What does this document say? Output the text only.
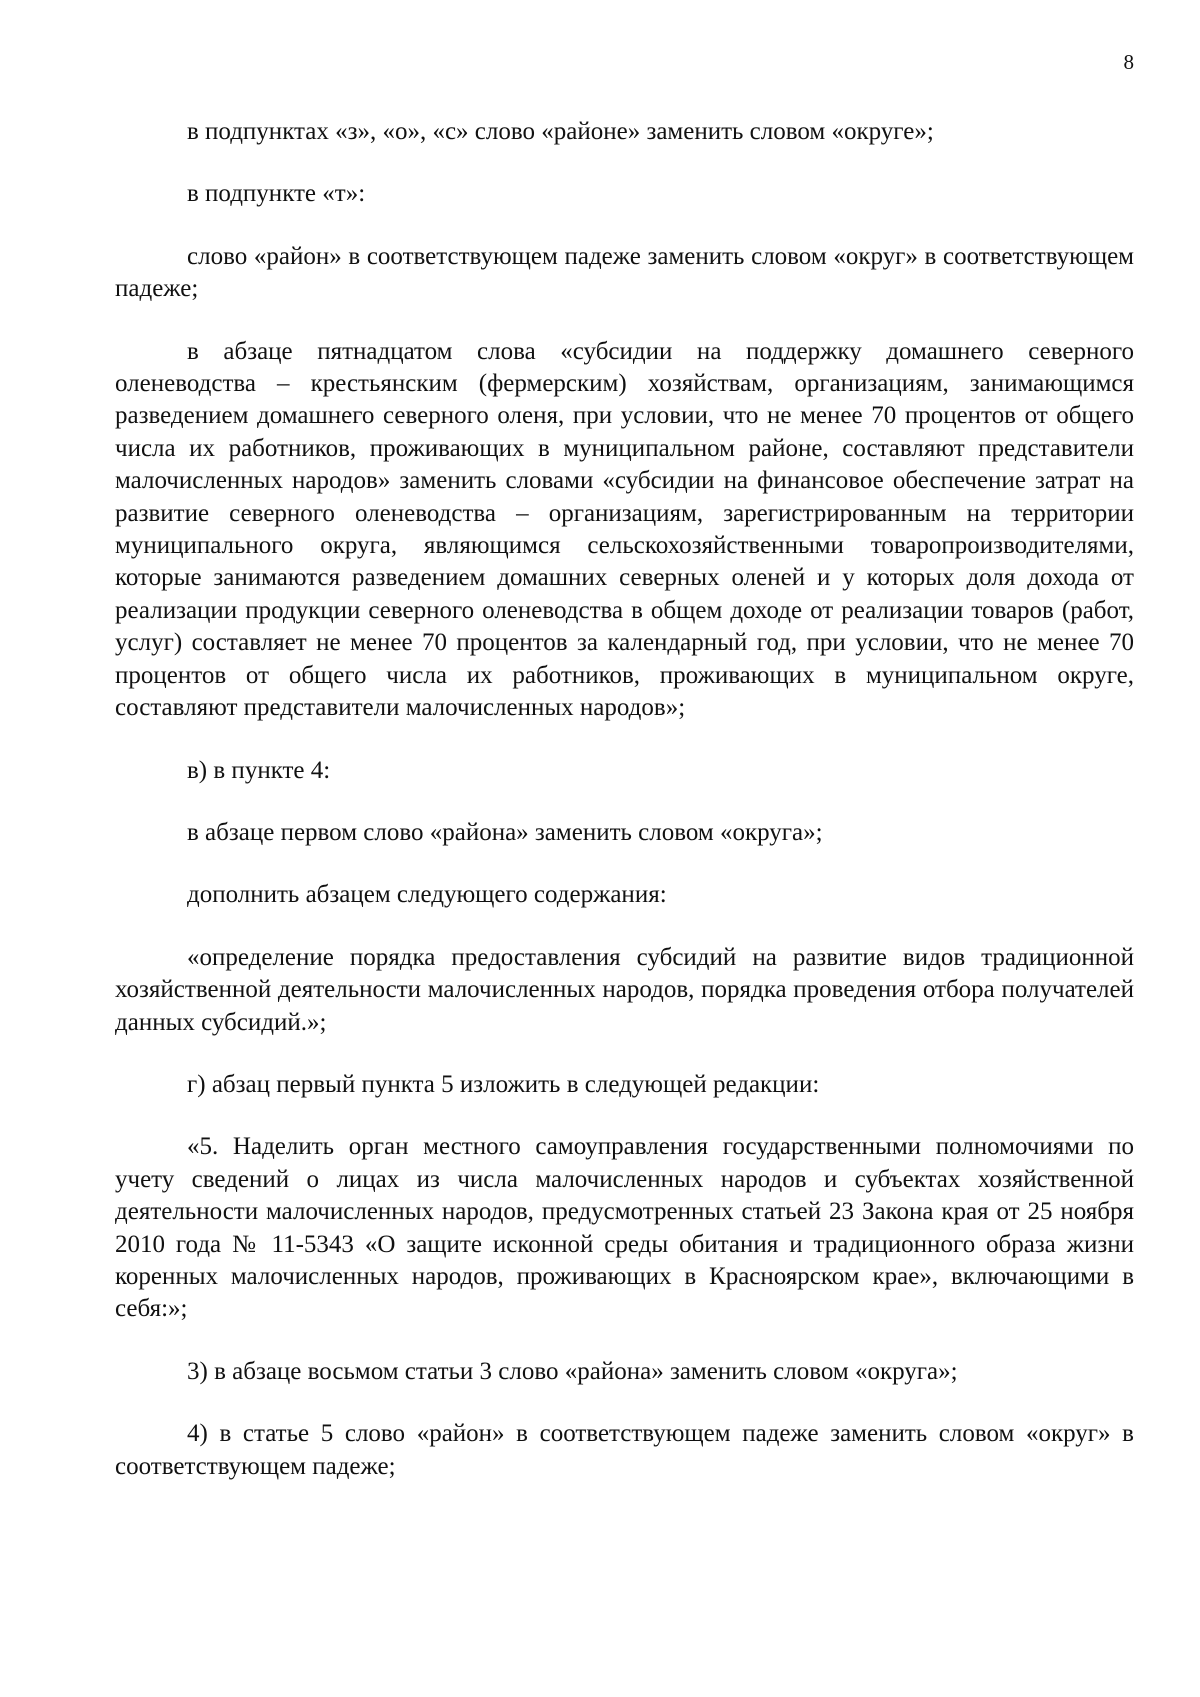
8

в подпунктах «з», «о», «с» слово «районе» заменить словом «округе»;

в подпункте «т»:

слово «район» в соответствующем падеже заменить словом «округ» в соответствующем падеже;

в абзаце пятнадцатом слова «субсидии на поддержку домашнего северного оленеводства – крестьянским (фермерским) хозяйствам, организациям, занимающимся разведением домашнего северного оленя, при условии, что не менее 70 процентов от общего числа их работников, проживающих в муниципальном районе, составляют представители малочисленных народов» заменить словами «субсидии на финансовое обеспечение затрат на развитие северного оленеводства – организациям, зарегистрированным на территории муниципального округа, являющимся сельскохозяйственными товаропроизводителями, которые занимаются разведением домашних северных оленей и у которых доля дохода от реализации продукции северного оленеводства в общем доходе от реализации товаров (работ, услуг) составляет не менее 70 процентов за календарный год, при условии, что не менее 70 процентов от общего числа их работников, проживающих в муниципальном округе, составляют представители малочисленных народов»;

в) в пункте 4:

в абзаце первом слово «района» заменить словом «округа»;

дополнить абзацем следующего содержания:

«определение порядка предоставления субсидий на развитие видов традиционной хозяйственной деятельности малочисленных народов, порядка проведения отбора получателей данных субсидий.»;

г) абзац первый пункта 5 изложить в следующей редакции:

«5. Наделить орган местного самоуправления государственными полномочиями по учету сведений о лицах из числа малочисленных народов и субъектах хозяйственной деятельности малочисленных народов, предусмотренных статьей 23 Закона края от 25 ноября 2010 года № 11-5343 «О защите исконной среды обитания и традиционного образа жизни коренных малочисленных народов, проживающих в Красноярском крае», включающими в себя:»;

3) в абзаце восьмом статьи 3 слово «района» заменить словом «округа»;

4) в статье 5 слово «район» в соответствующем падеже заменить словом «округ» в соответствующем падеже;
